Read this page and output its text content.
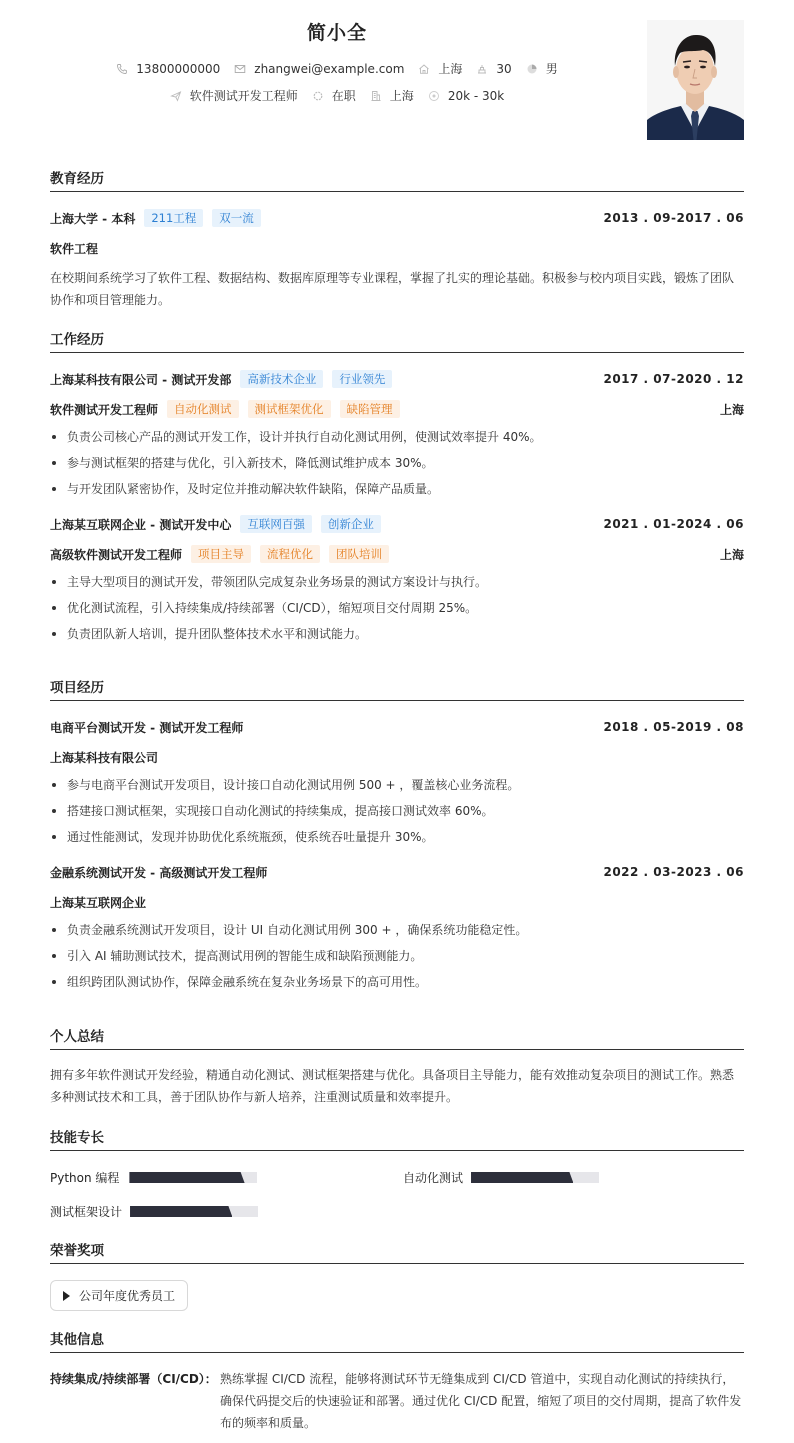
简小全
13800000000	zhangwei@example.com	上海	30	男
软件测试开发工程师	在职	上海	20k - 30k
教育经历
上海大学 - 本科	211工程	双一流	2013 . 09-2017 . 06
软件工程
在校期间系统学习了软件工程、数据结构、数据库原理等专业课程，掌握了扎实的理论基础。积极参与校内项目实践，锻炼了团队协作和项目管理能力。
工作经历
上海某科技有限公司 - 测试开发部	高新技术企业	行业领先	2017 . 07-2020 . 12
软件测试开发工程师	自动化测试	测试框架优化	缺陷管理	上海
负责公司核心产品的测试开发工作，设计并执行自动化测试用例，使测试效率提升 40%。
参与测试框架的搭建与优化，引入新技术，降低测试维护成本 30%。
与开发团队紧密协作，及时定位并推动解决软件缺陷，保障产品质量。
上海某互联网企业 - 测试开发中心	互联网百强	创新企业	2021 . 01-2024 . 06
高级软件测试开发工程师	项目主导	流程优化	团队培训	上海
主导大型项目的测试开发，带领团队完成复杂业务场景的测试方案设计与执行。
优化测试流程，引入持续集成/持续部署（CI/CD），缩短项目交付周期 25%。
负责团队新人培训，提升团队整体技术水平和测试能力。
项目经历
电商平台测试开发 - 测试开发工程师	2018 . 05-2019 . 08
上海某科技有限公司
参与电商平台测试开发项目，设计接口自动化测试用例 500 + ，覆盖核心业务流程。
搭建接口测试框架，实现接口自动化测试的持续集成，提高接口测试效率 60%。
通过性能测试，发现并协助优化系统瓶颈，使系统吞吐量提升 30%。
金融系统测试开发 - 高级测试开发工程师	2022 . 03-2023 . 06
上海某互联网企业
负责金融系统测试开发项目，设计 UI 自动化测试用例 300 + ，确保系统功能稳定性。
引入 AI 辅助测试技术，提高测试用例的智能生成和缺陷预测能力。
组织跨团队测试协作，保障金融系统在复杂业务场景下的高可用性。
个人总结
拥有多年软件测试开发经验，精通自动化测试、测试框架搭建与优化。具备项目主导能力，能有效推动复杂项目的测试工作。熟悉多种测试技术和工具，善于团队协作与新人培养，注重测试质量和效率提升。
技能专长
Python 编程	自动化测试
测试框架设计
荣誉奖项
公司年度优秀员工
其他信息
持续集成/持续部署（CI/CD）： 熟练掌握 CI/CD 流程，能够将测试环节无缝集成到 CI/CD 管道中，实现自动化测试的持续执行，确保代码提交后的快速验证和部署。通过优化 CI/CD 配置，缩短了项目的交付周期，提高了软件发布的频率和质量。
